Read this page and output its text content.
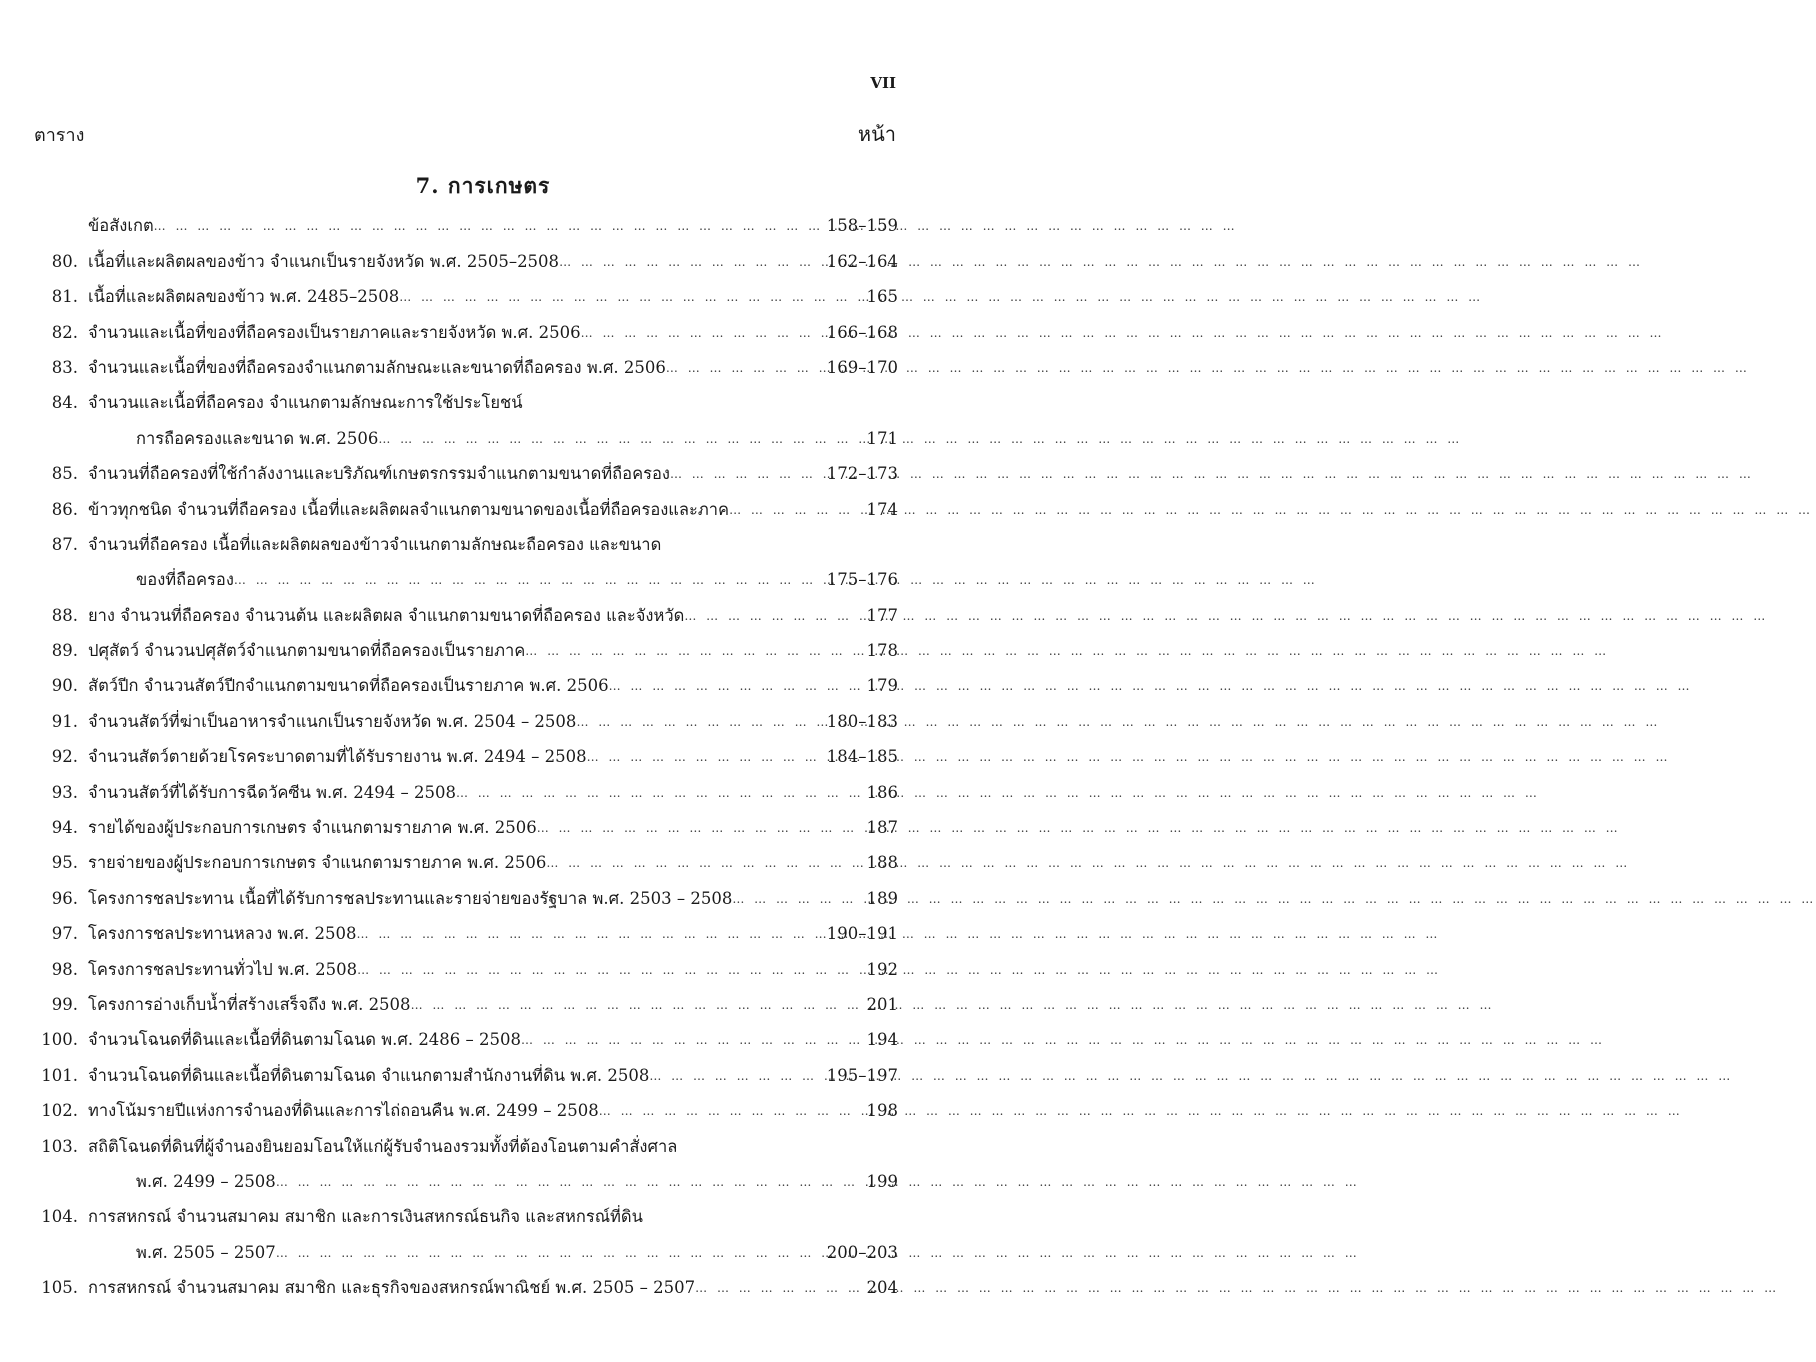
VII
ตาราง	หน้า
7. การเกษตร
ข้อสังเกต … … … … … … … … … … … … … … … … … … … … … … … … … … … … … … … … … … … … … … … … … … … … … … … … … …	158–159
80. เนื้อที่และผลิตผลของข้าว จำแนกเป็นรายจังหวัด พ.ศ. 2505–2508 … … … … … … … … … … … … … … … … … … … … … … … … … … … … … … … … … … … … … … … … … … … … … … … … … …	162–164
81. เนื้อที่และผลิตผลของข้าว พ.ศ. 2485–2508 … … … … … … … … … … … … … … … … … … … … … … … … … … … … … … … … … … … … … … … … … … … … … … … … … …	165
82. จำนวนและเนื้อที่ของที่ถือครองเป็นรายภาคและรายจังหวัด พ.ศ. 2506 … … … … … … … … … … … … … … … … … … … … … … … … … … … … … … … … … … … … … … … … … … … … … … … … … …	166–168
83. จำนวนและเนื้อที่ของที่ถือครองจำแนกตามลักษณะและขนาดที่ถือครอง พ.ศ. 2506 … … … … … … … … … … … … … … … … … … … … … … … … … … … … … … … … … … … … … … … … … … … … … … … … … …	169–170
84. จำนวนและเนื้อที่ถือครอง จำแนกตามลักษณะการใช้ประโยชน์
การถือครองและขนาด พ.ศ. 2506 … … … … … … … … … … … … … … … … … … … … … … … … … … … … … … … … … … … … … … … … … … … … … … … … … …	171
85. จำนวนที่ถือครองที่ใช้กำลังงานและบริภัณฑ์เกษตรกรรมจำแนกตามขนาดที่ถือครอง … … … … … … … … … … … … … … … … … … … … … … … … … … … … … … … … … … … … … … … … … … … … … … … … … …	172–173
86. ข้าวทุกชนิด จำนวนที่ถือครอง เนื้อที่และผลิตผลจำแนกตามขนาดของเนื้อที่ถือครองและภาค … … … … … … … … … … … … … … … … … … … … … … … … … … … … … … … … … … … … … … … … … … … … … … … … … …	174
87. จำนวนที่ถือครอง เนื้อที่และผลิตผลของข้าวจำแนกตามลักษณะถือครอง และขนาด
ของที่ถือครอง … … … … … … … … … … … … … … … … … … … … … … … … … … … … … … … … … … … … … … … … … … … … … … … … … …	175–176
88. ยาง จำนวนที่ถือครอง จำนวนต้น และผลิตผล จำแนกตามขนาดที่ถือครอง และจังหวัด … … … … … … … … … … … … … … … … … … … … … … … … … … … … … … … … … … … … … … … … … … … … … … … … … …	177
89. ปศุสัตว์ จำนวนปศุสัตว์จำแนกตามขนาดที่ถือครองเป็นรายภาค … … … … … … … … … … … … … … … … … … … … … … … … … … … … … … … … … … … … … … … … … … … … … … … … … …	178
90. สัตว์ปีก จำนวนสัตว์ปีกจำแนกตามขนาดที่ถือครองเป็นรายภาค พ.ศ. 2506 … … … … … … … … … … … … … … … … … … … … … … … … … … … … … … … … … … … … … … … … … … … … … … … … … …	179
91. จำนวนสัตว์ที่ฆ่าเป็นอาหารจำแนกเป็นรายจังหวัด พ.ศ. 2504 – 2508 … … … … … … … … … … … … … … … … … … … … … … … … … … … … … … … … … … … … … … … … … … … … … … … … … …	180–183
92. จำนวนสัตว์ตายด้วยโรคระบาดตามที่ได้รับรายงาน พ.ศ. 2494 – 2508 … … … … … … … … … … … … … … … … … … … … … … … … … … … … … … … … … … … … … … … … … … … … … … … … … …	184–185
93. จำนวนสัตว์ที่ได้รับการฉีดวัคซีน พ.ศ. 2494 – 2508 … … … … … … … … … … … … … … … … … … … … … … … … … … … … … … … … … … … … … … … … … … … … … … … … … …	186
94. รายได้ของผู้ประกอบการเกษตร จำแนกตามรายภาค พ.ศ. 2506 … … … … … … … … … … … … … … … … … … … … … … … … … … … … … … … … … … … … … … … … … … … … … … … … … …	187
95. รายจ่ายของผู้ประกอบการเกษตร จำแนกตามรายภาค พ.ศ. 2506 … … … … … … … … … … … … … … … … … … … … … … … … … … … … … … … … … … … … … … … … … … … … … … … … … …	188
96. โครงการชลประทาน เนื้อที่ได้รับการชลประทานและรายจ่ายของรัฐบาล พ.ศ. 2503 – 2508 … … … … … … … … … … … … … … … … … … … … … … … … … … … … … … … … … … … … … … … … … … … … … … … … … …	189
97. โครงการชลประทานหลวง พ.ศ. 2508 … … … … … … … … … … … … … … … … … … … … … … … … … … … … … … … … … … … … … … … … … … … … … … … … … …	190–191
98. โครงการชลประทานทั่วไป พ.ศ. 2508 … … … … … … … … … … … … … … … … … … … … … … … … … … … … … … … … … … … … … … … … … … … … … … … … … …	192
99. โครงการอ่างเก็บน้ำที่สร้างเสร็จถึง พ.ศ. 2508 … … … … … … … … … … … … … … … … … … … … … … … … … … … … … … … … … … … … … … … … … … … … … … … … … …	201
100. จำนวนโฉนดที่ดินและเนื้อที่ดินตามโฉนด พ.ศ. 2486 – 2508 … … … … … … … … … … … … … … … … … … … … … … … … … … … … … … … … … … … … … … … … … … … … … … … … … …	194
101. จำนวนโฉนดที่ดินและเนื้อที่ดินตามโฉนด จำแนกตามสำนักงานที่ดิน พ.ศ. 2508 … … … … … … … … … … … … … … … … … … … … … … … … … … … … … … … … … … … … … … … … … … … … … … … … … …	195–197
102. ทางโน้มรายปีแห่งการจำนองที่ดินและการไถ่ถอนคืน พ.ศ. 2499 – 2508 … … … … … … … … … … … … … … … … … … … … … … … … … … … … … … … … … … … … … … … … … … … … … … … … … …	198
103. สถิติโฉนดที่ดินที่ผู้จำนองยินยอมโอนให้แก่ผู้รับจำนองรวมทั้งที่ต้องโอนตามคำสั่งศาล
พ.ศ. 2499 – 2508 … … … … … … … … … … … … … … … … … … … … … … … … … … … … … … … … … … … … … … … … … … … … … … … … … …	199
104. การสหกรณ์ จำนวนสมาคม สมาชิก และการเงินสหกรณ์ธนกิจ และสหกรณ์ที่ดิน
พ.ศ. 2505 – 2507 … … … … … … … … … … … … … … … … … … … … … … … … … … … … … … … … … … … … … … … … … … … … … … … … … …	200–203
105. การสหกรณ์ จำนวนสมาคม สมาชิก และธุรกิจของสหกรณ์พาณิชย์ พ.ศ. 2505 – 2507 … … … … … … … … … … … … … … … … … … … … … … … … … … … … … … … … … … … … … … … … … … … … … … … … … …	204
